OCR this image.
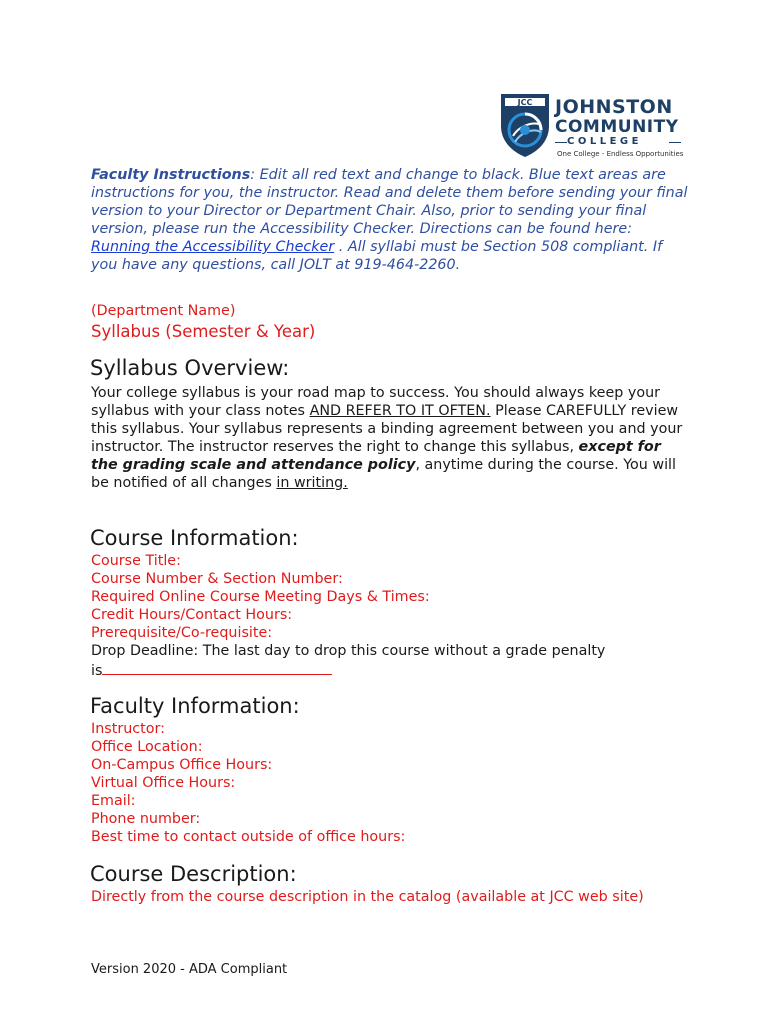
JCC JOHNSTON
COMMUNITY
COLLEGE
One College - Endless Opportunities
Faculty Instructions: Edit all red text and change to black. Blue text areas are instructions for you, the instructor. Read and delete them before sending your final version to your Director or Department Chair. Also, prior to sending your final version, please run the Accessibility Checker. Directions can be found here: Running the Accessibility Checker . All syllabi must be Section 508 compliant. If you have any questions, call JOLT at 919-464-2260.
(Department Name)
Syllabus (Semester & Year)
Syllabus Overview:
Your college syllabus is your road map to success. You should always keep your syllabus with your class notes AND REFER TO IT OFTEN. Please CAREFULLY review this syllabus. Your syllabus represents a binding agreement between you and your instructor. The instructor reserves the right to change this syllabus, except for the grading scale and attendance policy, anytime during the course. You will be notified of all changes in writing.
Course Information:
Course Title:
Course Number & Section Number:
Required Online Course Meeting Days & Times:
Credit Hours/Contact Hours:
Prerequisite/Co-requisite:
Drop Deadline: The last day to drop this course without a grade penalty
is
Faculty Information:
Instructor:
Office Location:
On-Campus Office Hours:
Virtual Office Hours:
Email:
Phone number:
Best time to contact outside of office hours:
Course Description:
Directly from the course description in the catalog (available at JCC web site)
Version 2020 - ADA Compliant
